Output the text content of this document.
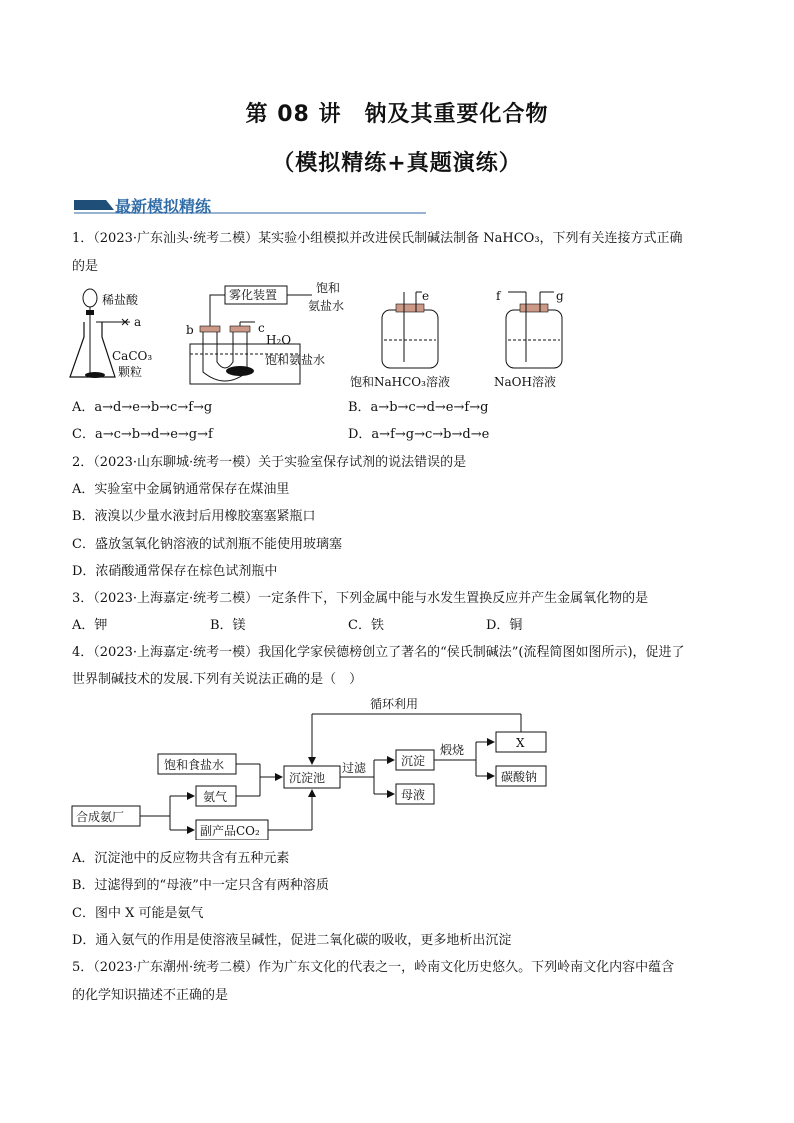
第 08 讲　钠及其重要化合物
（模拟精练+真题演练）
最新模拟精练
1．（2023·广东汕头·统考二模）某实验小组模拟并改进侯氏制碱法制备 NaHCO₃，下列有关连接方式正确
的是
稀盐酸
a
CaCO₃
颗粒
雾化装置	饱和
氨盐水
b	c
H₂O
饱和氨盐水
e
饱和NaHCO₃溶液
f	g
NaOH溶液
A．a→d→e→b→c→f→g	B．a→b→c→d→e→f→g
C．a→c→b→d→e→g→f	D．a→f→g→c→b→d→e
2．（2023·山东聊城·统考一模）关于实验室保存试剂的说法错误的是
A．实验室中金属钠通常保存在煤油里
B．液溴以少量水液封后用橡胶塞塞紧瓶口
C．盛放氢氧化钠溶液的试剂瓶不能使用玻璃塞
D．浓硝酸通常保存在棕色试剂瓶中
3．（2023·上海嘉定·统考二模）一定条件下，下列金属中能与水发生置换反应并产生金属氧化物的是
A．钾	B．镁	C．铁	D．铜
4．（2023·上海嘉定·统考一模）我国化学家侯德榜创立了著名的“侯氏制碱法”(流程简图如图所示)，促进了
世界制碱技术的发展.下列有关说法正确的是（　）
饱和食盐水
合成氨厂
氨气
副产品CO₂
沉淀池
过滤	沉淀
母液
煅烧	X
碳酸钠
循环利用
A．沉淀池中的反应物共含有五种元素
B．过滤得到的“母液”中一定只含有两种溶质
C．图中 X 可能是氨气
D．通入氨气的作用是使溶液呈碱性，促进二氧化碳的吸收，更多地析出沉淀
5．（2023·广东潮州·统考二模）作为广东文化的代表之一，岭南文化历史悠久。下列岭南文化内容中蕴含
的化学知识描述不正确的是
